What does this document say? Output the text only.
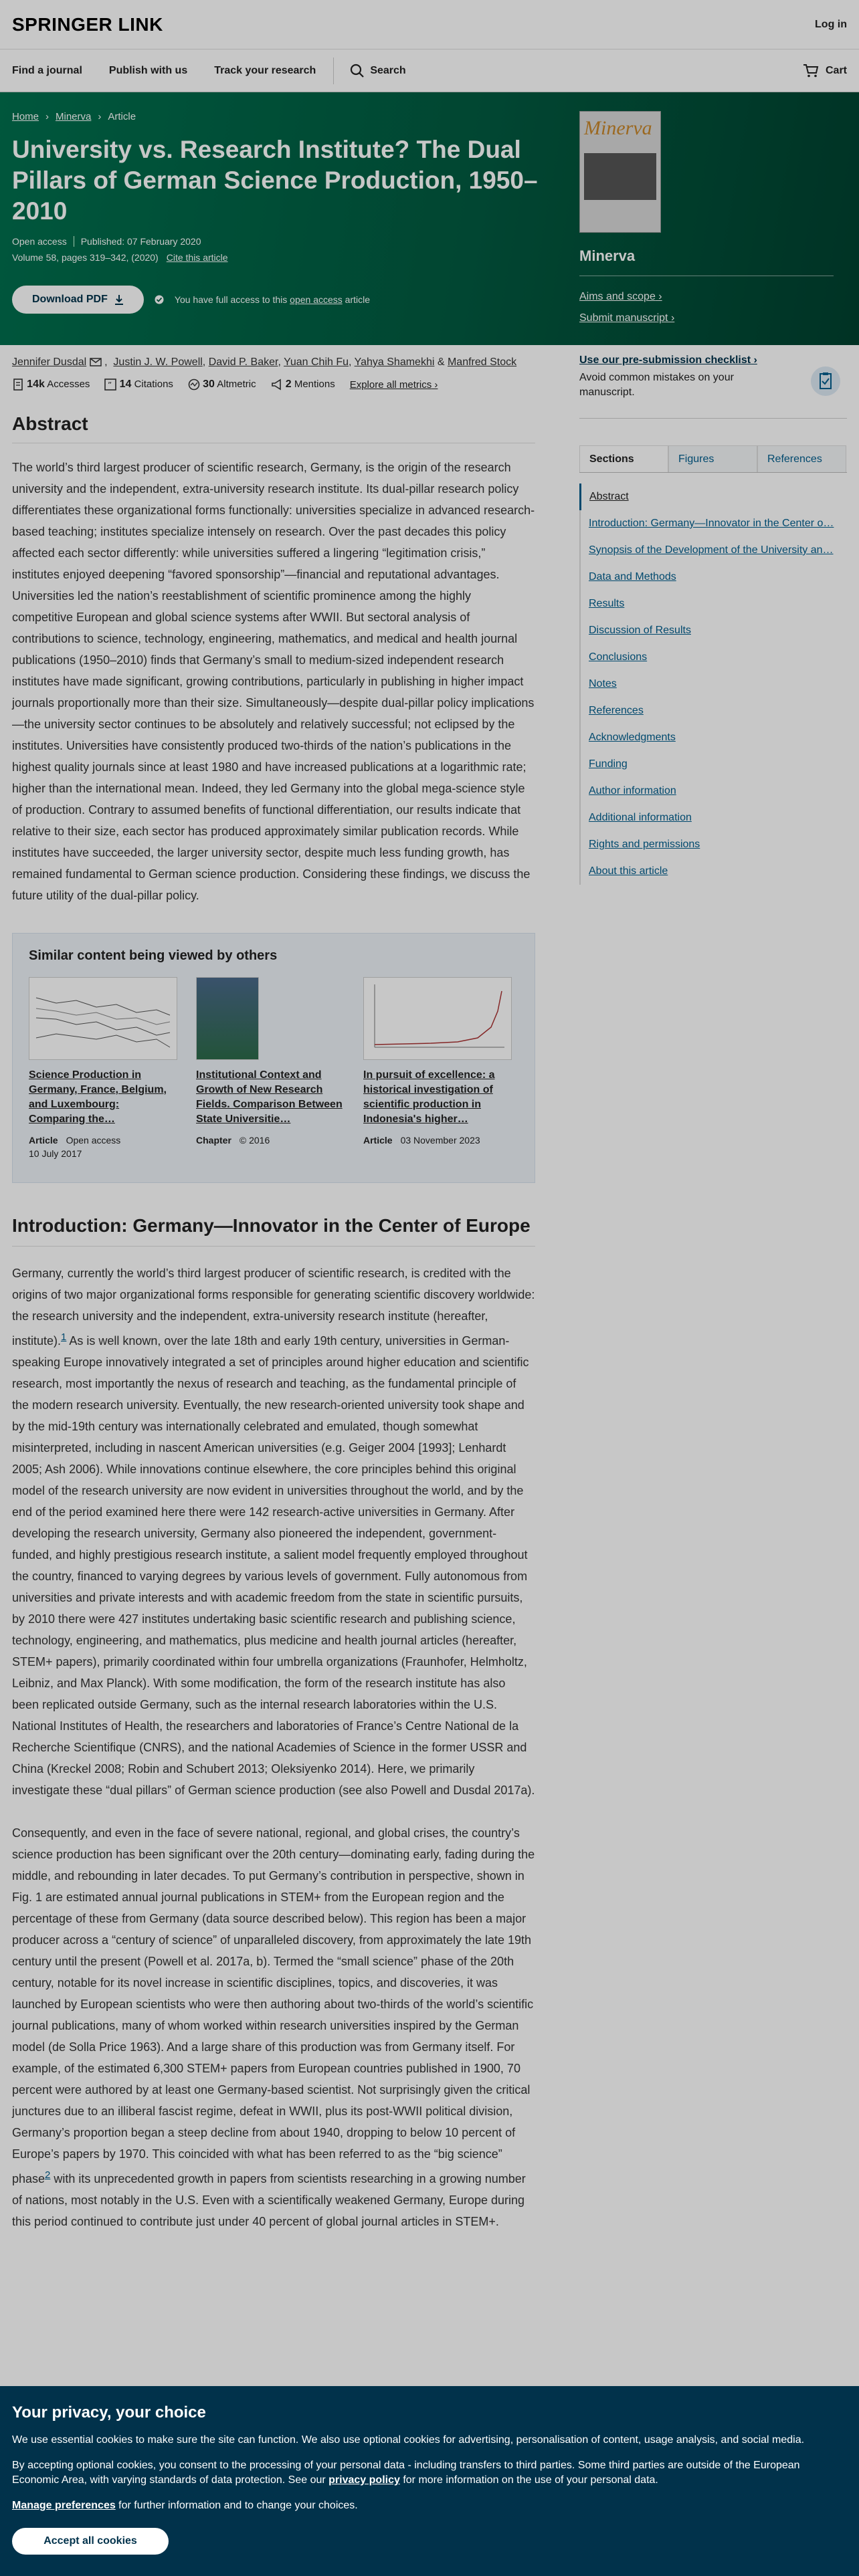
SPRINGER LINK	Log in
Find a journal	Publish with us	Track your research	Search	Cart
Home › Minerva › Article
University vs. Research Institute? The Dual Pillars of German Science Production, 1950–2010
Open access Published: 07 February 2020
Volume 58, pages 319–342, (2020) Cite this article
Download PDF	You have full access to this open access article
Minerva
Minerva
Aims and scope ›
Submit manuscript ›
Jennifer Dusdal ,  Justin J. W. Powell, David P. Baker, Yuan Chih Fu, Yahya Shamekhi & Manfred Stock
14k Accesses ” 14 Citations	30 Altmetric	2 Mentions Explore all metrics ›
Abstract

The world’s third largest producer of scientific research, Germany, is the origin of the research university and the independent, extra-university research institute. Its dual-pillar research policy differentiates these organizational forms functionally: universities specialize in advanced research-based teaching; institutes specialize intensely on research. Over the past decades this policy affected each sector differently: while universities suffered a lingering “legitimation crisis,” institutes enjoyed deepening “favored sponsorship”—financial and reputational advantages. Universities led the nation’s reestablishment of scientific prominence among the highly competitive European and global science systems after WWII. But sectoral analysis of contributions to science, technology, engineering, mathematics, and medical and health journal publications (1950–2010) finds that Germany’s small to medium-sized independent research institutes have made significant, growing contributions, particularly in publishing in higher impact journals proportionally more than their size. Simultaneously—despite dual-pillar policy implications—the university sector continues to be absolutely and relatively successful; not eclipsed by the institutes. Universities have consistently produced two-thirds of the nation’s publications in the highest quality journals since at least 1980 and have increased publications at a logarithmic rate; higher than the international mean. Indeed, they led Germany into the global mega-science style of production. Contrary to assumed benefits of functional differentiation, our results indicate that relative to their size, each sector has produced approximately similar publication records. While institutes have succeeded, the larger university sector, despite much less funding growth, has remained fundamental to German science production. Considering these findings, we discuss the future utility of the dual-pillar policy.

Similar content being viewed by others
Science Production in Germany, France, Belgium, and Luxembourg: Comparing the…
Article Open access
10 July 2017
Institutional Context and Growth of New Research Fields. Comparison Between State Universitie…
Chapter © 2016
In pursuit of excellence: a historical investigation of scientific production in Indonesia's higher…
Article 03 November 2023
Introduction: Germany—Innovator in the Center of Europe

Germany, currently the world’s third largest producer of scientific research, is credited with the origins of two major organizational forms responsible for generating scientific discovery worldwide: the research university and the independent, extra-university research institute (hereafter, institute).$^1$ As is well known, over the late 18th and early 19th century, universities in German-speaking Europe innovatively integrated a set of principles around higher education and scientific research, most importantly the nexus of research and teaching, as the fundamental principle of the modern research university. Eventually, the new research-oriented university took shape and by the mid-19th century was internationally celebrated and emulated, though somewhat misinterpreted, including in nascent American universities (e.g. Geiger 2004 [1993]; Lenhardt 2005; Ash 2006). While innovations continue elsewhere, the core principles behind this original model of the research university are now evident in universities throughout the world, and by the end of the period examined here there were 142 research-active universities in Germany. After developing the research university, Germany also pioneered the independent, government-funded, and highly prestigious research institute, a salient model frequently employed throughout the country, financed to varying degrees by various levels of government. Fully autonomous from universities and private interests and with academic freedom from the state in scientific pursuits, by 2010 there were 427 institutes undertaking basic scientific research and publishing science, technology, engineering, and mathematics, plus medicine and health journal articles (hereafter, STEM+ papers), primarily coordinated within four umbrella organizations (Fraunhofer, Helmholtz, Leibniz, and Max Planck). With some modification, the form of the research institute has also been replicated outside Germany, such as the internal research laboratories within the U.S. National Institutes of Health, the researchers and laboratories of France’s Centre National de la Recherche Scientifique (CNRS), and the national Academies of Science in the former USSR and China (Kreckel 2008; Robin and Schubert 2013; Oleksiyenko 2014). Here, we primarily investigate these “dual pillars” of German science production (see also Powell and Dusdal 2017a).

Consequently, and even in the face of severe national, regional, and global crises, the country’s science production has been significant over the 20th century—dominating early, fading during the middle, and rebounding in later decades. To put Germany’s contribution in perspective, shown in Fig. 1 are estimated annual journal publications in STEM+ from the European region and the percentage of these from Germany (data source described below). This region has been a major producer across a “century of science” of unparalleled discovery, from approximately the late 19th century until the present (Powell et al. 2017a, b). Termed the “small science” phase of the 20th century, notable for its novel increase in scientific disciplines, topics, and discoveries, it was launched by European scientists who were then authoring about two-thirds of the world’s scientific journal publications, many of whom worked within research universities inspired by the German model (de Solla Price 1963). And a large share of this production was from Germany itself. For example, of the estimated 6,300 STEM+ papers from European countries published in 1900, 70 percent were authored by at least one Germany-based scientist. Not surprisingly given the critical junctures due to an illiberal fascist regime, defeat in WWII, plus its post-WWII political division, Germany’s proportion began a steep decline from about 1940, dropping to below 10 percent of Europe’s papers by 1970. This coincided with what has been referred to as the “big science” phase$^2$ with its unprecedented growth in papers from scientists researching in a growing number of nations, most notably in the U.S. Even with a scientifically weakened Germany, Europe during this period continued to contribute just under 40 percent of global journal articles in STEM+.

Use our pre-submission checklist ›
Avoid common mistakes on your manuscript.
Sections	Figures	References
Abstract
Introduction: Germany—Innovator in the Center o…
Synopsis of the Development of the University an…
Data and Methods
Results
Discussion of Results
Conclusions
Notes
References
Acknowledgments
Funding
Author information
Additional information
Rights and permissions
About this article
Your privacy, your choice

We use essential cookies to make sure the site can function. We also use optional cookies for advertising, personalisation of content, usage analysis, and social media.

By accepting optional cookies, you consent to the processing of your personal data - including transfers to third parties. Some third parties are outside of the European Economic Area, with varying standards of data protection. See our privacy policy for more information on the use of your personal data.

Manage preferences for further information and to change your choices.

Accept all cookies
